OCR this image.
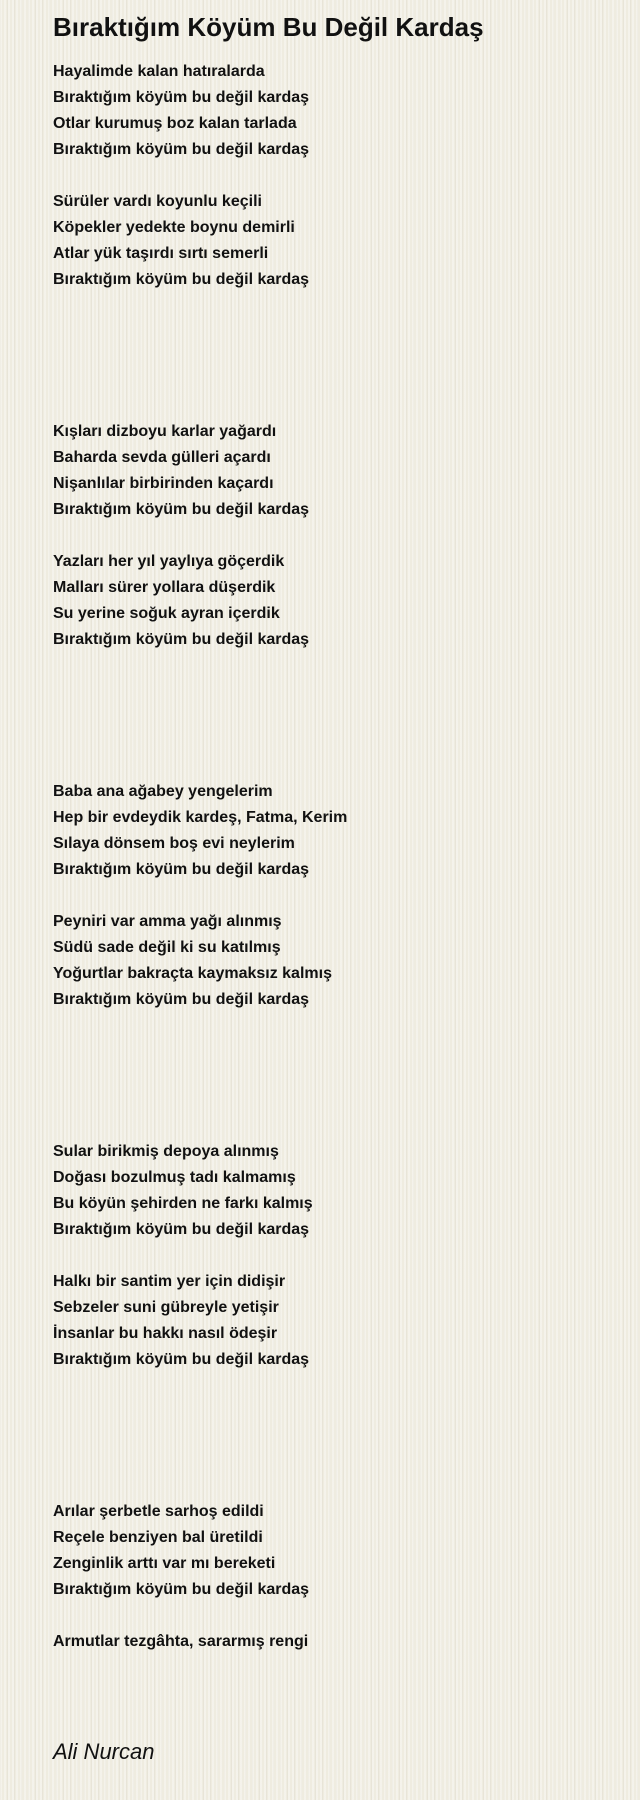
Bıraktığım Köyüm Bu Değil Kardaş
Hayalimde kalan hatıralarda
Bıraktığım köyüm bu değil kardaş
Otlar kurumuş boz kalan tarlada
Bıraktığım köyüm bu değil kardaş
Sürüler vardı koyunlu keçili
Köpekler yedekte boynu demirli
Atlar yük taşırdı sırtı semerli
Bıraktığım köyüm bu değil kardaş
Kışları dizboyu karlar yağardı
Baharda sevda gülleri açardı
Nişanlılar birbirinden kaçardı
Bıraktığım köyüm bu değil kardaş
Yazları her yıl yaylıya göçerdik
Malları sürer yollara düşerdik
Su yerine soğuk ayran içerdik
Bıraktığım köyüm bu değil kardaş
Baba ana ağabey yengelerim
Hep bir evdeydik kardeş, Fatma, Kerim
Sılaya dönsem boş evi neylerim
Bıraktığım köyüm bu değil kardaş
Peyniri var amma yağı alınmış
Südü sade değil ki su katılmış
Yoğurtlar bakraçta kaymaksız kalmış
Bıraktığım köyüm bu değil kardaş
Sular birikmiş depoya alınmış
Doğası bozulmuş tadı kalmamış
Bu köyün şehirden ne farkı kalmış
Bıraktığım köyüm bu değil kardaş
Halkı bir santim yer için didişir
Sebzeler suni gübreyle yetişir
İnsanlar bu hakkı nasıl ödeşir
Bıraktığım köyüm bu değil kardaş
Arılar şerbetle sarhoş edildi
Reçele benziyen bal üretildi
Zenginlik arttı var mı bereketi
Bıraktığım köyüm bu değil kardaş
Armutlar tezgâhta, sararmış rengi
Ali Nurcan
